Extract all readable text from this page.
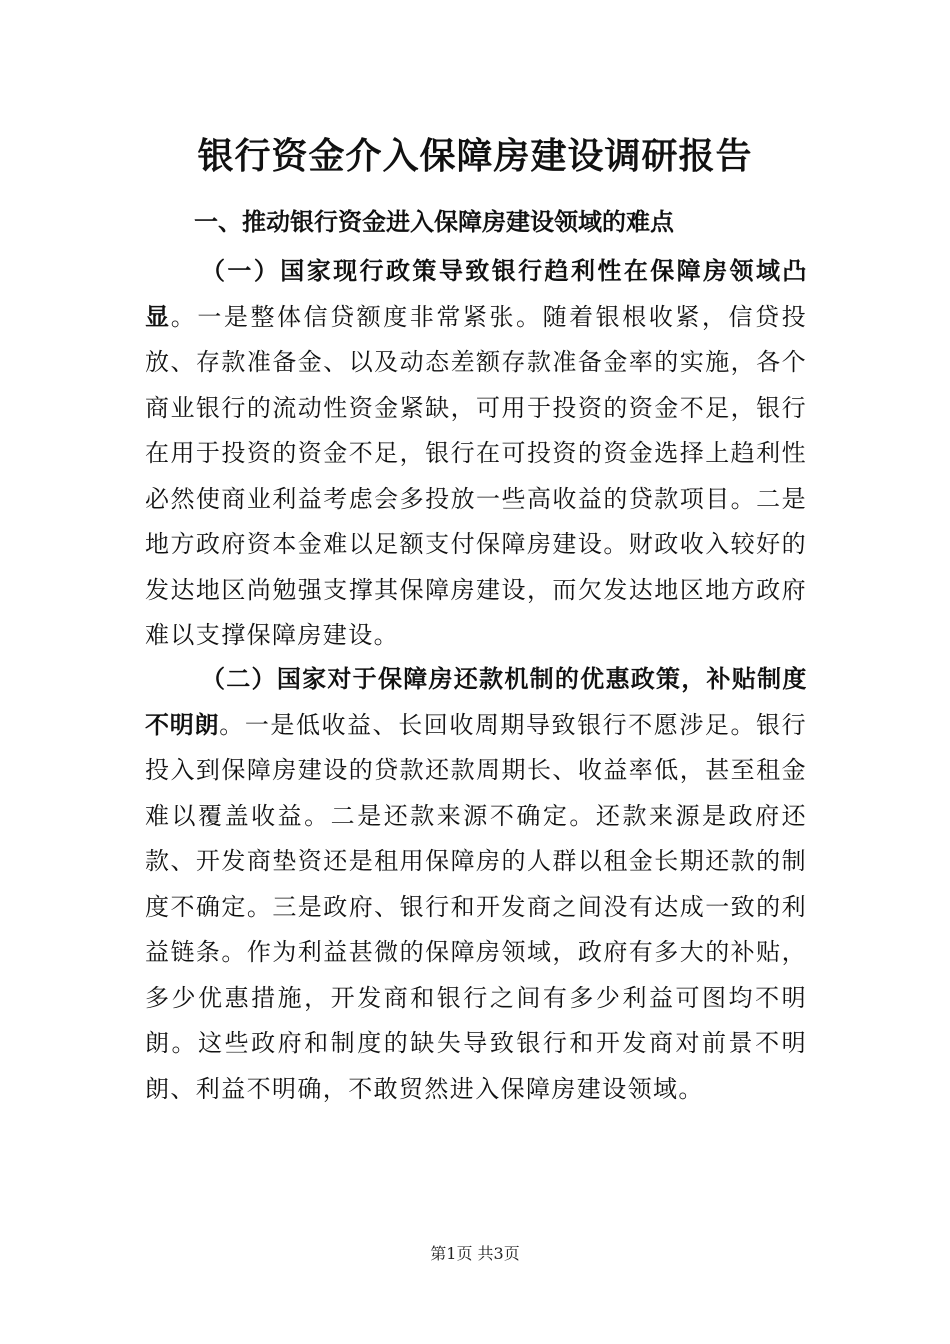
银行资金介入保障房建设调研报告
一、推动银行资金进入保障房建设领域的难点

（一）国家现行政策导致银行趋利性在保障房领域凸显。一是整体信贷额度非常紧张。随着银根收紧，信贷投放、存款准备金、以及动态差额存款准备金率的实施，各个商业银行的流动性资金紧缺，可用于投资的资金不足，银行在用于投资的资金不足，银行在可投资的资金选择上趋利性必然使商业利益考虑会多投放一些高收益的贷款项目。二是地方政府资本金难以足额支付保障房建设。财政收入较好的发达地区尚勉强支撑其保障房建设，而欠发达地区地方政府难以支撑保障房建设。

（二）国家对于保障房还款机制的优惠政策，补贴制度不明朗。一是低收益、长回收周期导致银行不愿涉足。银行投入到保障房建设的贷款还款周期长、收益率低，甚至租金难以覆盖收益。二是还款来源不确定。还款来源是政府还款、开发商垫资还是租用保障房的人群以租金长期还款的制度不确定。三是政府、银行和开发商之间没有达成一致的利益链条。作为利益甚微的保障房领域，政府有多大的补贴，多少优惠措施，开发商和银行之间有多少利益可图均不明朗。这些政府和制度的缺失导致银行和开发商对前景不明朗、利益不明确，不敢贸然进入保障房建设领域。

第1页 共3页
